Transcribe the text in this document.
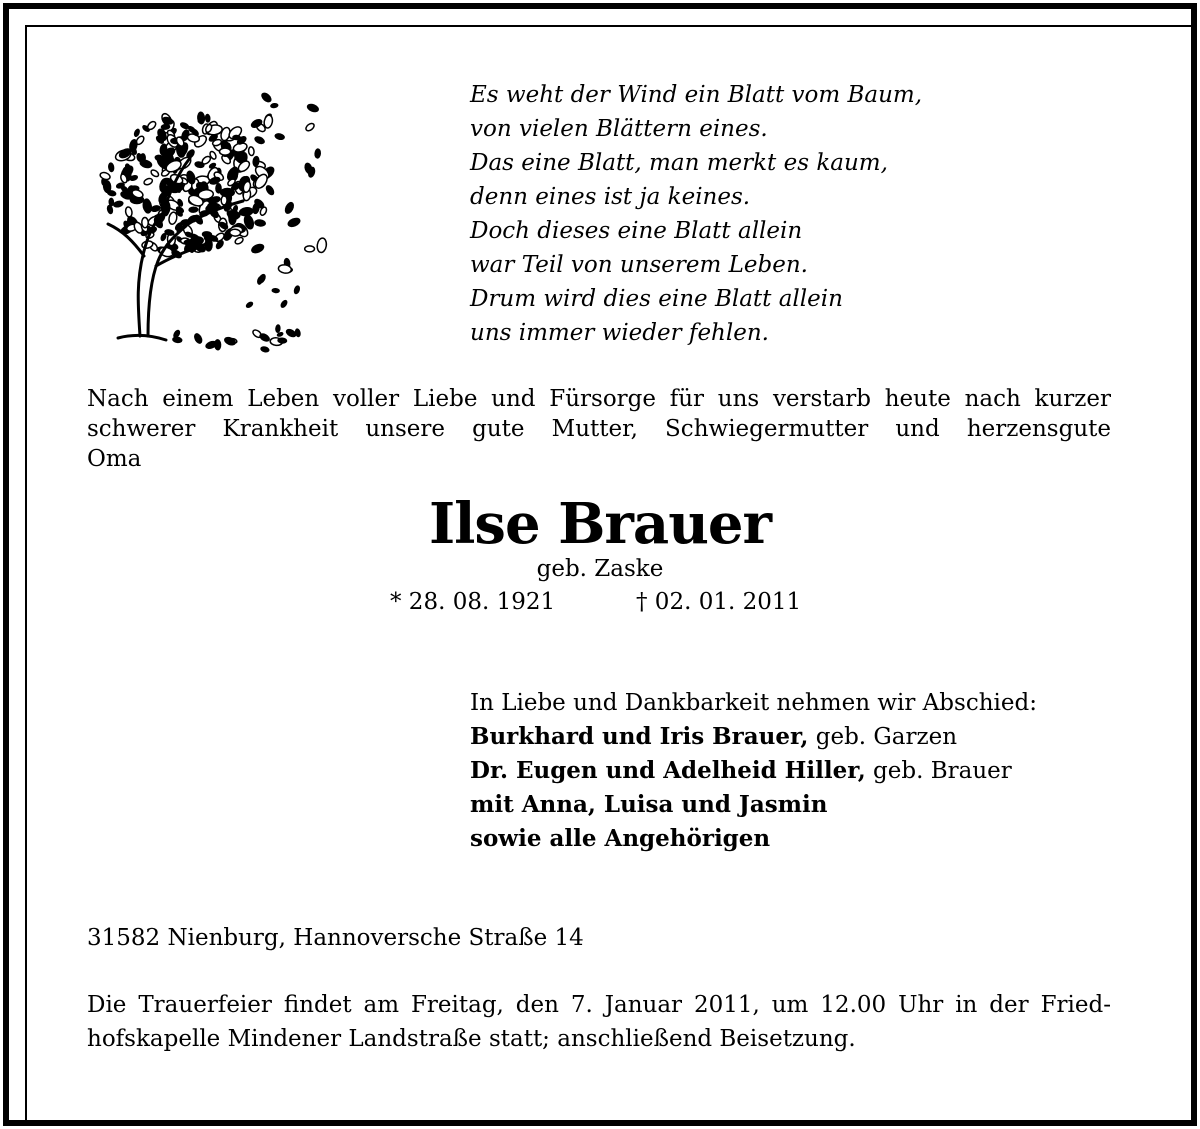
Es weht der Wind ein Blatt vom Baum,
von vielen Blättern eines.
Das eine Blatt, man merkt es kaum,
denn eines ist ja keines.
Doch dieses eine Blatt allein
war Teil von unserem Leben.
Drum wird dies eine Blatt allein
uns immer wieder fehlen.
Nach einem Leben voller Liebe und Fürsorge für uns verstarb heute nach kurzer
schwerer Krankheit unsere gute Mutter, Schwiegermutter und herzensgute
Oma
Ilse Brauer
geb. Zaske
* 28. 08. 1921	† 02. 01. 2011
In Liebe und Dankbarkeit nehmen wir Abschied:
Burkhard und Iris Brauer, geb. Garzen
Dr. Eugen und Adelheid Hiller, geb. Brauer
mit Anna, Luisa und Jasmin
sowie alle Angehörigen
31582 Nienburg, Hannoversche Straße 14
Die Trauerfeier findet am Freitag, den 7. Januar 2011, um 12.00 Uhr in der Fried-
hofskapelle Mindener Landstraße statt; anschließend Beisetzung.
